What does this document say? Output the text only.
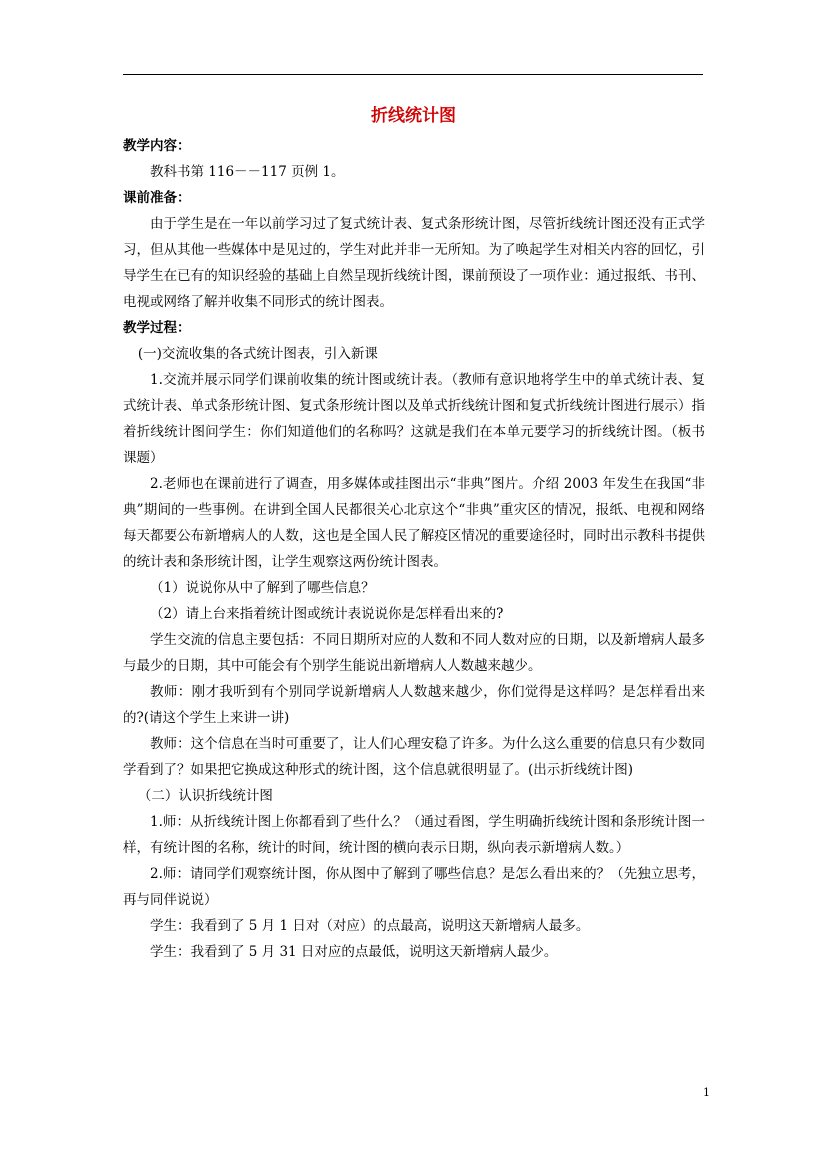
折线统计图
教学内容：
教科书第 116－－117 页例 1。
课前准备：
由于学生是在一年以前学习过了复式统计表、复式条形统计图，尽管折线统计图还没有正式学习，但从其他一些媒体中是见过的，学生对此并非一无所知。为了唤起学生对相关内容的回忆，引导学生在已有的知识经验的基础上自然呈现折线统计图，课前预设了一项作业：通过报纸、书刊、电视或网络了解并收集不同形式的统计图表。
教学过程：
(一)交流收集的各式统计图表，引入新课
1.交流并展示同学们课前收集的统计图或统计表。（教师有意识地将学生中的单式统计表、复式统计表、单式条形统计图、复式条形统计图以及单式折线统计图和复式折线统计图进行展示）指着折线统计图问学生：你们知道他们的名称吗？这就是我们在本单元要学习的折线统计图。（板书课题）
2.老师也在课前进行了调查，用多媒体或挂图出示“非典”图片。介绍 2003 年发生在我国“非典”期间的一些事例。在讲到全国人民都很关心北京这个“非典”重灾区的情况，报纸、电视和网络每天都要公布新增病人的人数，这也是全国人民了解疫区情况的重要途径时，同时出示教科书提供的统计表和条形统计图，让学生观察这两份统计图表。
（1）说说你从中了解到了哪些信息？
（2）请上台来指着统计图或统计表说说你是怎样看出来的?
学生交流的信息主要包括：不同日期所对应的人数和不同人数对应的日期，以及新增病人最多与最少的日期，其中可能会有个别学生能说出新增病人人数越来越少。
教师：刚才我听到有个别同学说新增病人人数越来越少，你们觉得是这样吗？是怎样看出来的?(请这个学生上来讲一讲)
教师：这个信息在当时可重要了，让人们心理安稳了许多。为什么这么重要的信息只有少数同学看到了？如果把它换成这种形式的统计图，这个信息就很明显了。(出示折线统计图)
（二）认识折线统计图
1.师：从折线统计图上你都看到了些什么？（通过看图，学生明确折线统计图和条形统计图一样，有统计图的名称，统计的时间，统计图的横向表示日期，纵向表示新增病人数。）
2.师：请同学们观察统计图，你从图中了解到了哪些信息？是怎么看出来的？（先独立思考，再与同伴说说）
学生：我看到了 5 月 1 日对（对应）的点最高，说明这天新增病人最多。
学生：我看到了 5 月 31 日对应的点最低，说明这天新增病人最少。
1
